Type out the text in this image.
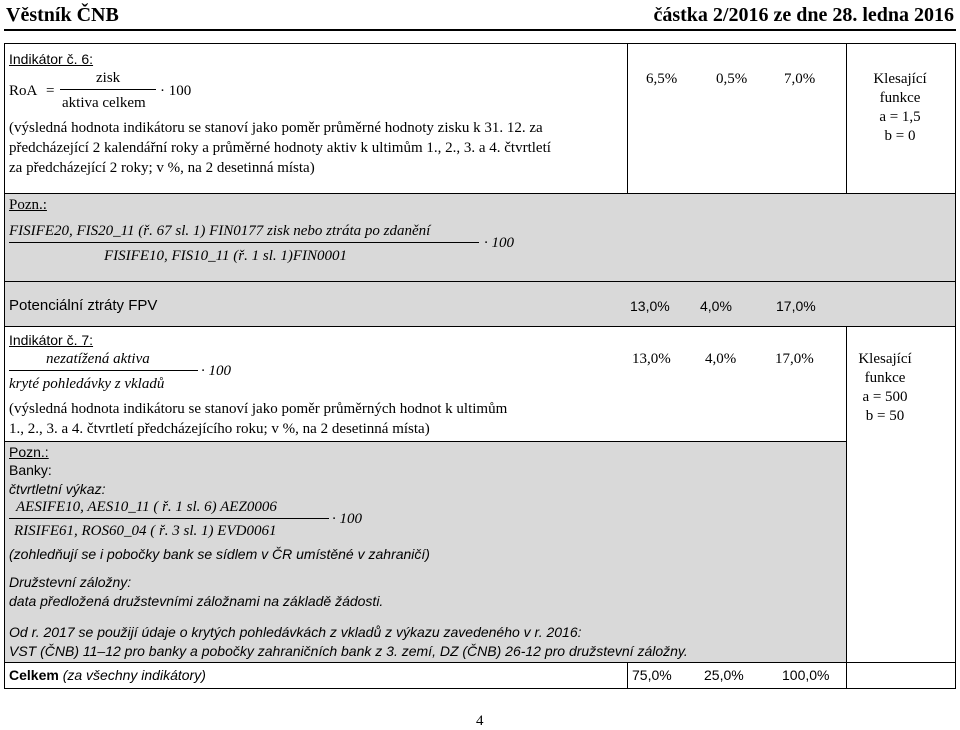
Věstník ČNB	částka 2/2016 ze dne 28. ledna 2016
Indikátor č. 6:
RoA =
zisk
aktiva celkem
· 100
(výsledná hodnota indikátoru se stanoví jako poměr průměrné hodnoty zisku k 31. 12. za
předcházející 2 kalendářní roky a průměrné hodnoty aktiv k ultimům 1., 2., 3. a 4. čtvrtletí
za předcházející 2 roky; v %, na 2 desetinná místa)
6,5%	0,5% 7,0%	Klesající
funkce
a = 1,5
b = 0
Pozn.:
FISIFE20, FIS20_11 (ř. 67 sl. 1) FIN0177 zisk nebo ztráta po zdanění
FISIFE10, FIS10_11 (ř. 1 sl. 1)FIN0001
· 100
Potenciální ztráty FPV	13,0% 4,0%	17,0%
Indikátor č. 7:
nezatížená aktiva
kryté pohledávky z vkladů
· 100
(výsledná hodnota indikátoru se stanoví jako poměr průměrných hodnot k ultimům
1., 2., 3. a 4. čtvrtletí předcházejícího roku; v %, na 2 desetinná místa)
13,0% 4,0%	17,0%	Klesající
funkce
a = 500
b = 50
Pozn.:
Banky:
čtvrtletní výkaz:
AESIFE10, AES10_11 ( ř. 1 sl. 6) AEZ0006
RISIFE61, ROS60_04 ( ř. 3 sl. 1) EVD0061
· 100
(zohledňují se i pobočky bank se sídlem v ČR umístěné v zahraničí)
Družstevní záložny:
data předložená družstevními záložnami na základě žádosti.
Od r. 2017 se použijí údaje o krytých pohledávkách z vkladů z výkazu zavedeného v r. 2016:
VST (ČNB) 11–12 pro banky a pobočky zahraničních bank z 3. zemí, DZ (ČNB) 26-12 pro družstevní záložny.
Celkem (za všechny indikátory)	75,0% 25,0%	100,0%
4
